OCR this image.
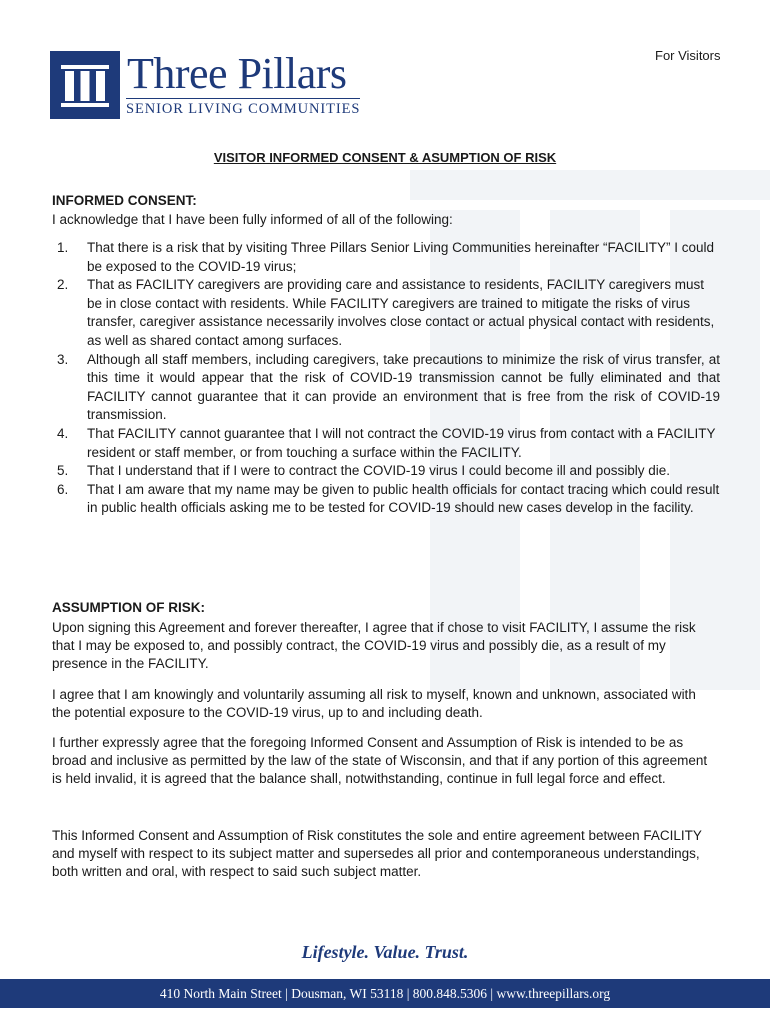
Three Pillars
SENIOR LIVING COMMUNITIES
For Visitors
VISITOR INFORMED CONSENT & ASUMPTION OF RISK
INFORMED CONSENT:
I acknowledge that I have been fully informed of all of the following:
1. That there is a risk that by visiting Three Pillars Senior Living Communities hereinafter “FACILITY” I could be exposed to the COVID-19 virus;
2. That as FACILITY caregivers are providing care and assistance to residents, FACILITY caregivers must be in close contact with residents. While FACILITY caregivers are trained to mitigate the risks of virus transfer, caregiver assistance necessarily involves close contact or actual physical contact with residents, as well as shared contact among surfaces.
3. Although all staff members, including caregivers, take precautions to minimize the risk of virus transfer, at this time it would appear that the risk of COVID-19 transmission cannot be fully eliminated and that FACILITY cannot guarantee that it can provide an environment that is free from the risk of COVID-19 transmission.
4. That FACILITY cannot guarantee that I will not contract the COVID-19 virus from contact with a FACILITY resident or staff member, or from touching a surface within the FACILITY.
5. That I understand that if I were to contract the COVID-19 virus I could become ill and possibly die.
6. That I am aware that my name may be given to public health officials for contact tracing which could result in public health officials asking me to be tested for COVID-19 should new cases develop in the facility.
ASSUMPTION OF RISK:
Upon signing this Agreement and forever thereafter, I agree that if chose to visit FACILITY, I assume the risk that I may be exposed to, and possibly contract, the COVID-19 virus and possibly die, as a result of my presence in the FACILITY.
I agree that I am knowingly and voluntarily assuming all risk to myself, known and unknown, associated with the potential exposure to the COVID-19 virus, up to and including death.
I further expressly agree that the foregoing Informed Consent and Assumption of Risk is intended to be as broad and inclusive as permitted by the law of the state of Wisconsin, and that if any portion of this agreement is held invalid, it is agreed that the balance shall, notwithstanding, continue in full legal force and effect.
This Informed Consent and Assumption of Risk constitutes the sole and entire agreement between FACILITY and myself with respect to its subject matter and supersedes all prior and contemporaneous understandings, both written and oral, with respect to said such subject matter.
Lifestyle. Value. Trust.
410 North Main Street | Dousman, WI 53118 | 800.848.5306 | www.threepillars.org
